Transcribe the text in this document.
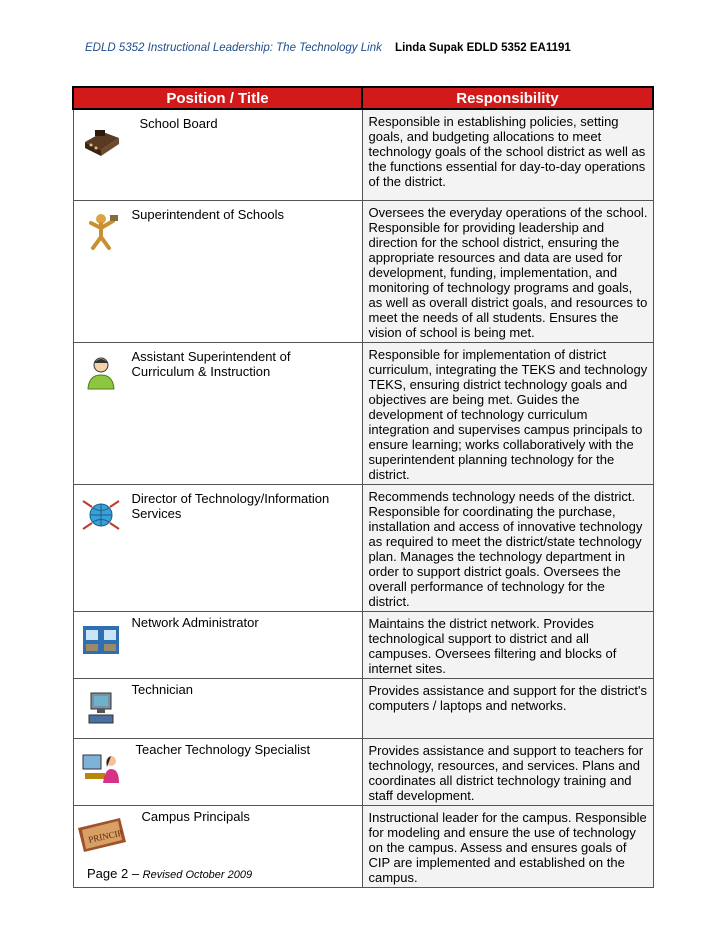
EDLD 5352 Instructional Leadership: The Technology Link Linda Supak EDLD 5352 EA1191
Position / Title	Responsibility

School Board	Responsible in establishing policies, setting goals, and budgeting allocations to meet technology goals of the school district as well as the functions essential for day-to-day operations of the district.

Superintendent of Schools	Oversees the everyday operations of the school. Responsible for providing leadership and direction for the school district, ensuring the appropriate resources and data are used for development, funding, implementation, and monitoring of technology programs and goals, as well as overall district goals, and resources to meet the needs of all students. Ensures the vision of school is being met.

Assistant Superintendent of Curriculum & Instruction	Responsible for implementation of district curriculum, integrating the TEKS and technology TEKS, ensuring district technology goals and objectives are being met. Guides the development of technology curriculum integration and supervises campus principals to ensure learning; works collaboratively with the superintendent planning technology for the district.

Director of Technology/Information Services	Recommends technology needs of the district. Responsible for coordinating the purchase, installation and access of innovative technology as required to meet the district/state technology plan. Manages the technology department in order to support district goals. Oversees the overall performance of technology for the district.

Network Administrator	Maintains the district network. Provides technological support to district and all campuses. Oversees filtering and blocks of internet sites.

Technician	Provides assistance and support for the district's computers / laptops and networks.

Teacher Technology Specialist	Provides assistance and support to teachers for technology, resources, and services. Plans and coordinates all district technology training and staff development.

PRINCIP
Campus Principals	Instructional leader for the campus. Responsible for modeling and ensure the use of technology on the campus. Assess and ensures goals of CIP are implemented and established on the campus.
Page 2 – Revised October 2009
